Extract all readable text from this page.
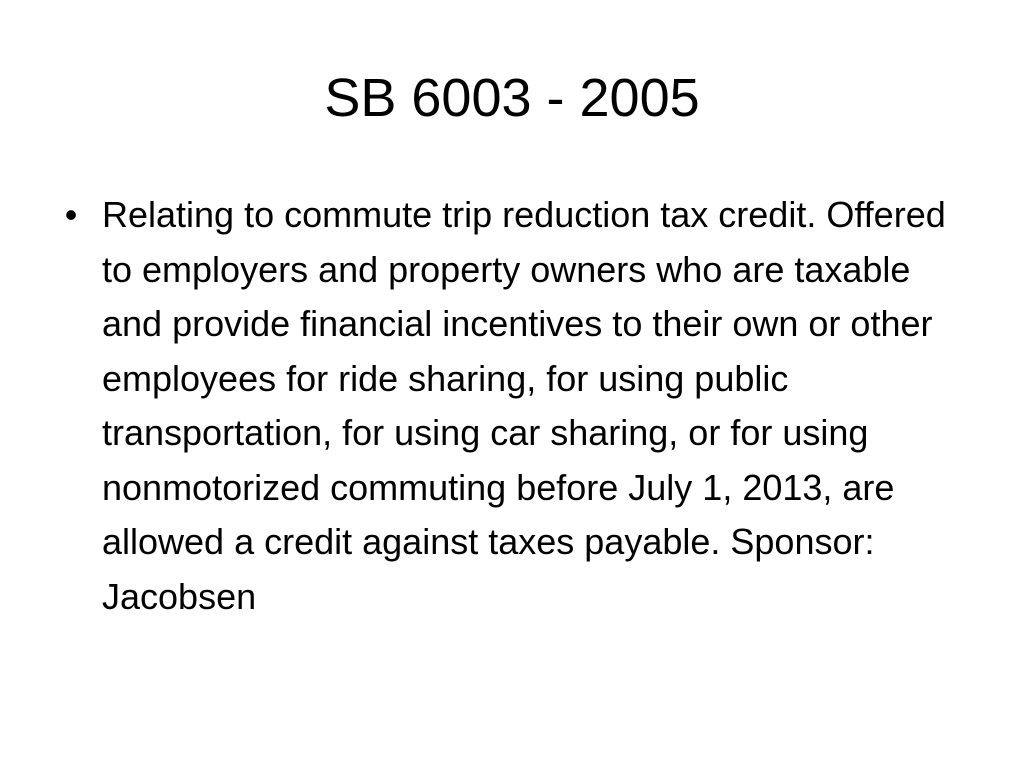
SB 6003 - 2005
• Relating to commute trip reduction tax credit. Offered to employers and property owners who are taxable and provide financial incentives to their own or other employees for ride sharing, for using public transportation, for using car sharing, or for using nonmotorized commuting before July 1, 2013, are allowed a credit against taxes payable. Sponsor: Jacobsen
